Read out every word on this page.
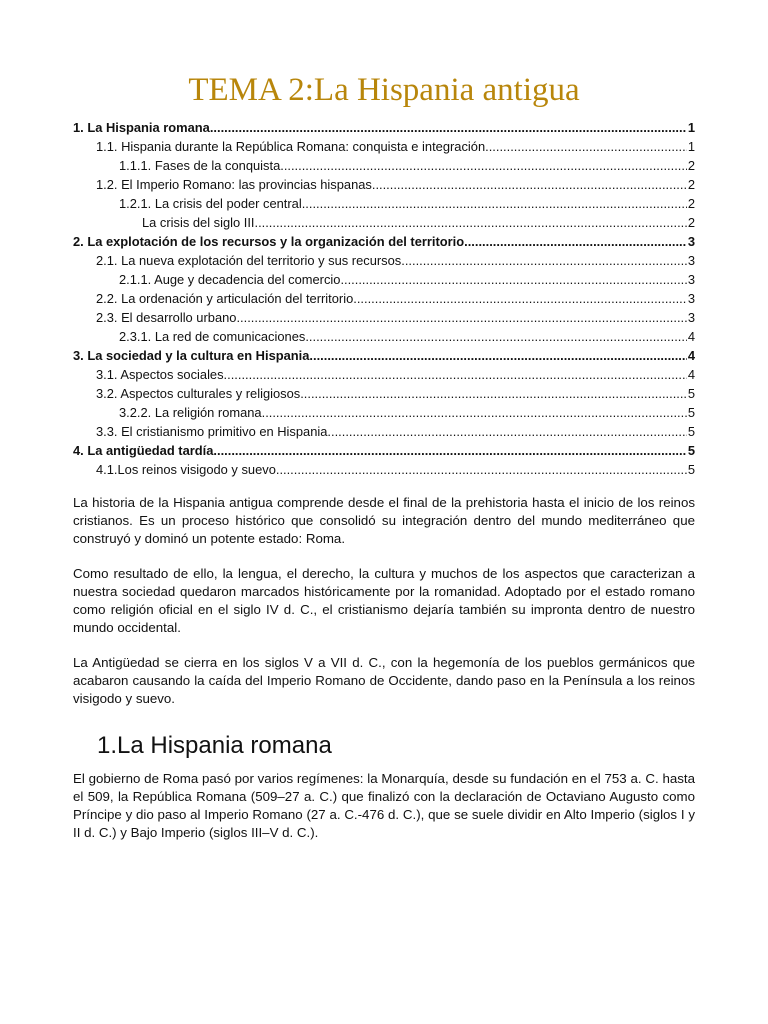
TEMA 2:La Hispania antigua
1. La Hispania romana .....	1
1.1. Hispania durante la República Romana: conquista e integración .....	1
1.1.1. Fases de la conquista .....	2
1.2. El Imperio Romano: las provincias hispanas .....	2
1.2.1. La crisis del poder central .....	2
La crisis del siglo III .....	2
2. La explotación de los recursos y la organización del territorio .....	3
2.1. La nueva explotación del territorio y sus recursos .....	3
2.1.1. Auge y decadencia del comercio .....	3
2.2. La ordenación y articulación del territorio .....	3
2.3. El desarrollo urbano .....	3
2.3.1. La red de comunicaciones .....	4
3. La sociedad y la cultura en Hispania .....	4
3.1. Aspectos sociales .....	4
3.2. Aspectos culturales y religiosos .....	5
3.2.2. La religión romana .....	5
3.3. El cristianismo primitivo en Hispania .....	5
4. La antigüedad tardía .....	5
4.1.Los reinos visigodo y suevo .....	5

La historia de la Hispania antigua comprende desde el final de la prehistoria hasta el inicio de los reinos cristianos. Es un proceso histórico que consolidó su integración dentro del mundo mediterráneo que construyó y dominó un potente estado: Roma.

Como resultado de ello, la lengua, el derecho, la cultura y muchos de los aspectos que caracterizan a nuestra sociedad quedaron marcados históricamente por la romanidad. Adoptado por el estado romano como religión oficial en el siglo IV d. C., el cristianismo dejaría también su impronta dentro de nuestro mundo occidental.

La Antigüedad se cierra en los siglos V a VII d. C., con la hegemonía de los pueblos germánicos que acabaron causando la caída del Imperio Romano de Occidente, dando paso en la Península a los reinos visigodo y suevo.

1.La Hispania romana

El gobierno de Roma pasó por varios regímenes: la Monarquía, desde su fundación en el 753 a. C. hasta el 509, la República Romana (509–27 a. C.) que finalizó con la declaración de Octaviano Augusto como Príncipe y dio paso al Imperio Romano (27 a. C.-476 d. C.), que se suele dividir en Alto Imperio (siglos I y II d. C.) y Bajo Imperio (siglos III–V d. C.).
